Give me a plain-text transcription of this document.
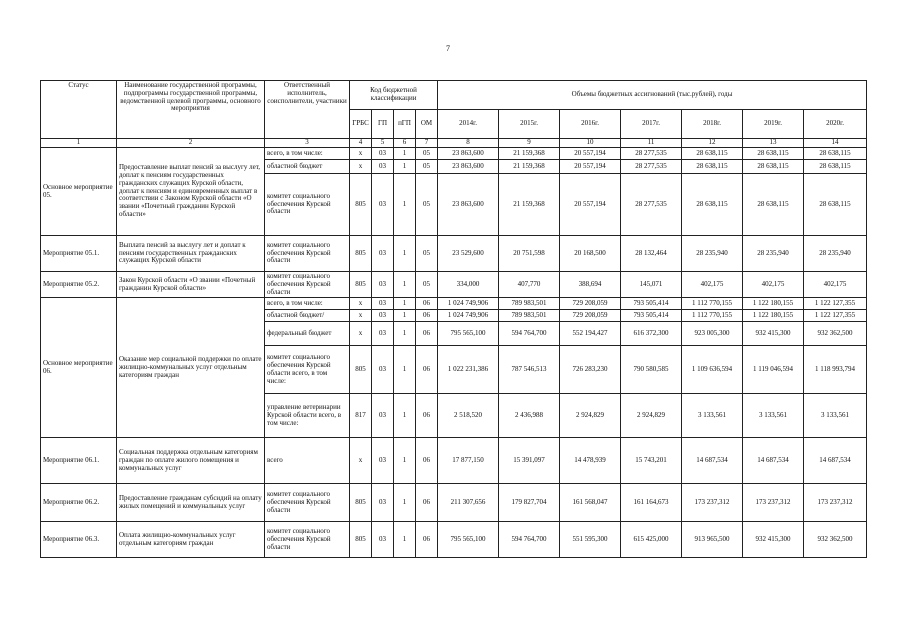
7
Статус	Наименование государственной программы, подпрограммы государственной программы, ведомственной целевой программы, основного мероприятия	Ответственный исполнитель, соисполнители, участники	Код бюджетной классификации				Объемы бюджетных ассигнований (тыс.рублей), годы						
			ГРБС	ГП	пГП	ОМ	2014г.	2015г.	2016г.	2017г.	2018г.	2019г.	2020г.
1	2	3	4	5	6	7	8	9	10	11	12	13	14
Основное мероприятие 05.	Предоставление выплат пенсий за выслугу лет, доплат к пенсиям государственных гражданских служащих Курской области, доплат к пенсиям и единовременных выплат в соответствии с Законом Курской области «О звании «Почетный гражданин Курской области»	всего, в том числе:	х	03	1	05	23 863,600	21 159,368	20 557,194	28 277,535	28 638,115	28 638,115	28 638,115
		областной бюджет	х	03	1	05	23 863,600	21 159,368	20 557,194	28 277,535	28 638,115	28 638,115	28 638,115
		комитет социального обеспечения Курской области	805	03	1	05	23 863,600	21 159,368	20 557,194	28 277,535	28 638,115	28 638,115	28 638,115
Мероприятие 05.1.	Выплата пенсий за выслугу лет и доплат к пенсиям государственных гражданских служащих Курской области	комитет социального обеспечения Курской области	805	03	1	05	23 529,600	20 751,598	20 168,500	28 132,464	28 235,940	28 235,940	28 235,940
Мероприятие 05.2.	Закон Курской области «О звании «Почетный гражданин Курской области»	комитет социального обеспечения Курской области	805	03	1	05	334,000	407,770	388,694	145,071	402,175	402,175	402,175
Основное мероприятие 06.	Оказание мер социальной поддержки по оплате жилищно-коммунальных услуг отдельным категориям граждан	всего, в том числе:	х	03	1	06	1 024 749,906	789 983,501	729 208,059	793 505,414	1 112 770,155	1 122 180,155	1 122 127,355
		областной бюджет/	х	03	1	06	1 024 749,906	789 983,501	729 208,059	793 505,414	1 112 770,155	1 122 180,155	1 122 127,355
		федеральный бюджет	х	03	1	06	795 565,100	594 764,700	552 194,427	616 372,300	923 005,300	932 415,300	932 362,500
		комитет социального обеспечения Курской области всего, в том числе:	805	03	1	06	1 022 231,386	787 546,513	726 283,230	790 580,585	1 109 636,594	1 119 046,594	1 118 993,794
		управление ветеринарии Курской области всего, в том числе:	817	03	1	06	2 518,520	2 436,988	2 924,829	2 924,829	3 133,561	3 133,561	3 133,561
Мероприятие 06.1.	Социальная поддержка отдельным категориям граждан по оплате жилого помещения и коммунальных услуг	всего	х	03	1	06	17 877,150	15 391,097	14 478,939	15 743,201	14 687,534	14 687,534	14 687,534
Мероприятие 06.2.	Предоставление гражданам субсидий на оплату жилых помещений и коммунальных услуг	комитет социального обеспечения Курской области	805	03	1	06	211 307,656	179 827,704	161 568,047	161 164,673	173 237,312	173 237,312	173 237,312
Мероприятие 06.3.	Оплата жилищно-коммунальных услуг отдельным категориям граждан	комитет социального обеспечения Курской области	805	03	1	06	795 565,100	594 764,700	551 595,300	615 425,000	913 965,500	932 415,300	932 362,500
